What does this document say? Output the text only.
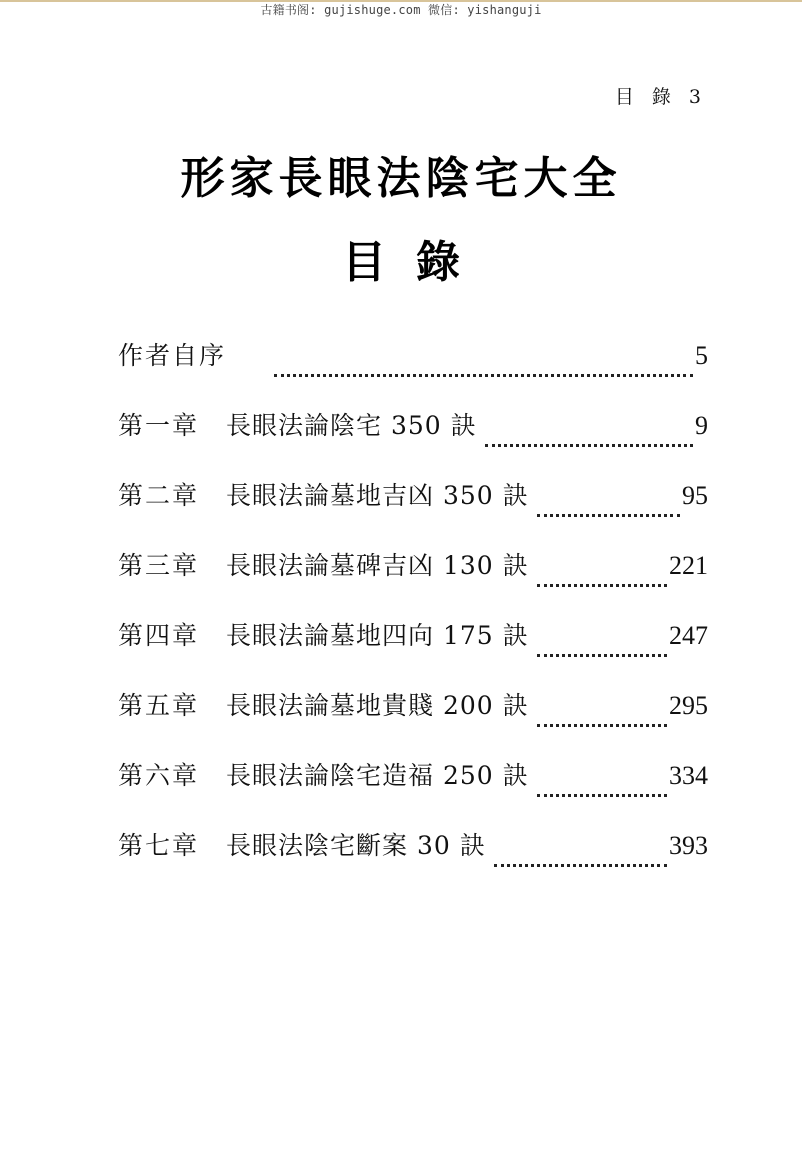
古籍书阁: gujishuge.com 微信: yishanguji
目 錄 3
形家長眼法陰宅大全
目錄
作者自序	5
第一章	長眼法論陰宅 350 訣	9
第二章	長眼法論墓地吉凶 350 訣	95
第三章	長眼法論墓碑吉凶 130 訣	221
第四章	長眼法論墓地四向 175 訣	247
第五章	長眼法論墓地貴賤 200 訣	295
第六章	長眼法論陰宅造福 250 訣	334
第七章	長眼法陰宅斷案 30 訣	393
